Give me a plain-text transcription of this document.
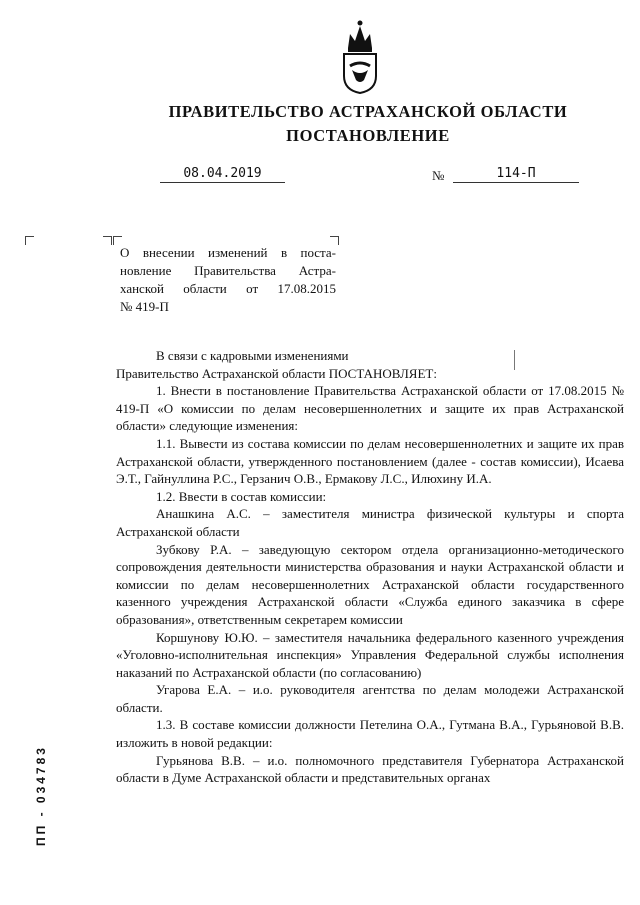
ПРАВИТЕЛЬСТВО АСТРАХАНСКОЙ ОБЛАСТИ
ПОСТАНОВЛЕНИЕ
08.04.2019	№	114-П
О внесении изменений в поста-
новление Правительства Астра-
ханской области от 17.08.2015
№ 419-П

В связи с кадровыми изменениями

Правительство Астраханской области ПОСТАНОВЛЯЕТ:

1. Внести в постановление Правительства Астраханской области от 17.08.2015 № 419-П «О комиссии по делам несовершеннолетних и защите их прав Астраханской области» следующие изменения:

1.1. Вывести из состава комиссии по делам несовершеннолетних и защите их прав Астраханской области, утвержденного постановлением (далее - состав комиссии), Исаева Э.Т., Гайнуллина Р.С., Герзанич О.В., Ермакову Л.С., Илюхину И.А.

1.2. Ввести в состав комиссии:

Анашкина А.С. – заместителя министра физической культуры и спорта Астраханской области

Зубкову Р.А. – заведующую сектором отдела организационно-методического сопровождения деятельности министерства образования и науки Астраханской области и комиссии по делам несовершеннолетних Астраханской области государственного казенного учреждения Астраханской области «Служба единого заказчика в сфере образования», ответственным секретарем комиссии

Коршунову Ю.Ю. – заместителя начальника федерального казенного учреждения «Уголовно-исполнительная инспекция» Управления Федеральной службы исполнения наказаний по Астраханской области (по согласованию)

Угарова Е.А. – и.о. руководителя агентства по делам молодежи Астраханской области.

1.3. В составе комиссии должности Петелина О.А., Гутмана В.А., Гурьяновой В.В. изложить в новой редакции:

Гурьянова В.В. – и.о. полномочного представителя Губернатора Астраханской области в Думе Астраханской области и представительных органах

ПП - 034783
